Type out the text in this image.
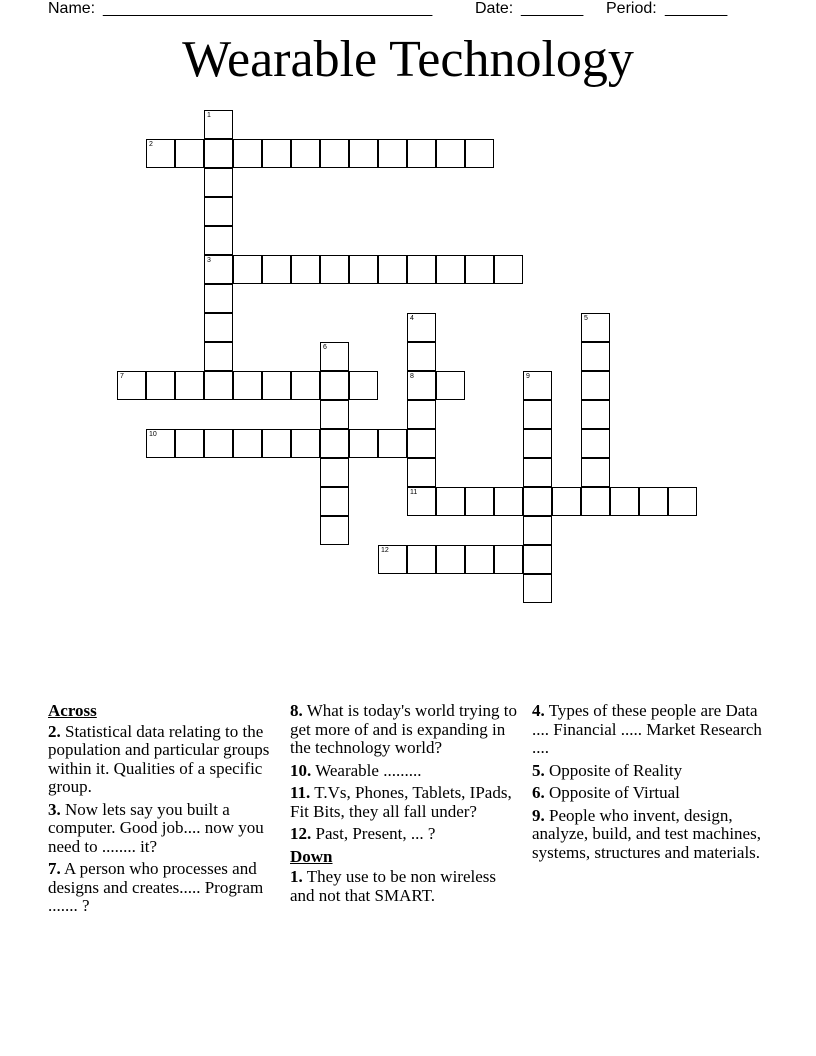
Name: _____________________________________	Date: _______ Period: _______
Wearable Technology
1
3
2
4
8
11
5
6
7	9
10
12
Across
2. Statistical data relating to the population and particular groups within it. Qualities of a specific group.
3. Now lets say you built a computer. Good job.... now you need to ........ it?
7. A person who processes and designs and creates..... Program ....... ?
8. What is today's world trying to get more of and is expanding in the technology world?
10. Wearable .........
11. T.Vs, Phones, Tablets, IPads, Fit Bits, they all fall under?
12. Past, Present, ... ?
Down
1. They use to be non wireless and not that SMART.
4. Types of these people are Data .... Financial ..... Market Research ....
5. Opposite of Reality
6. Opposite of Virtual
9. People who invent, design, analyze, build, and test machines, systems, structures and materials.
